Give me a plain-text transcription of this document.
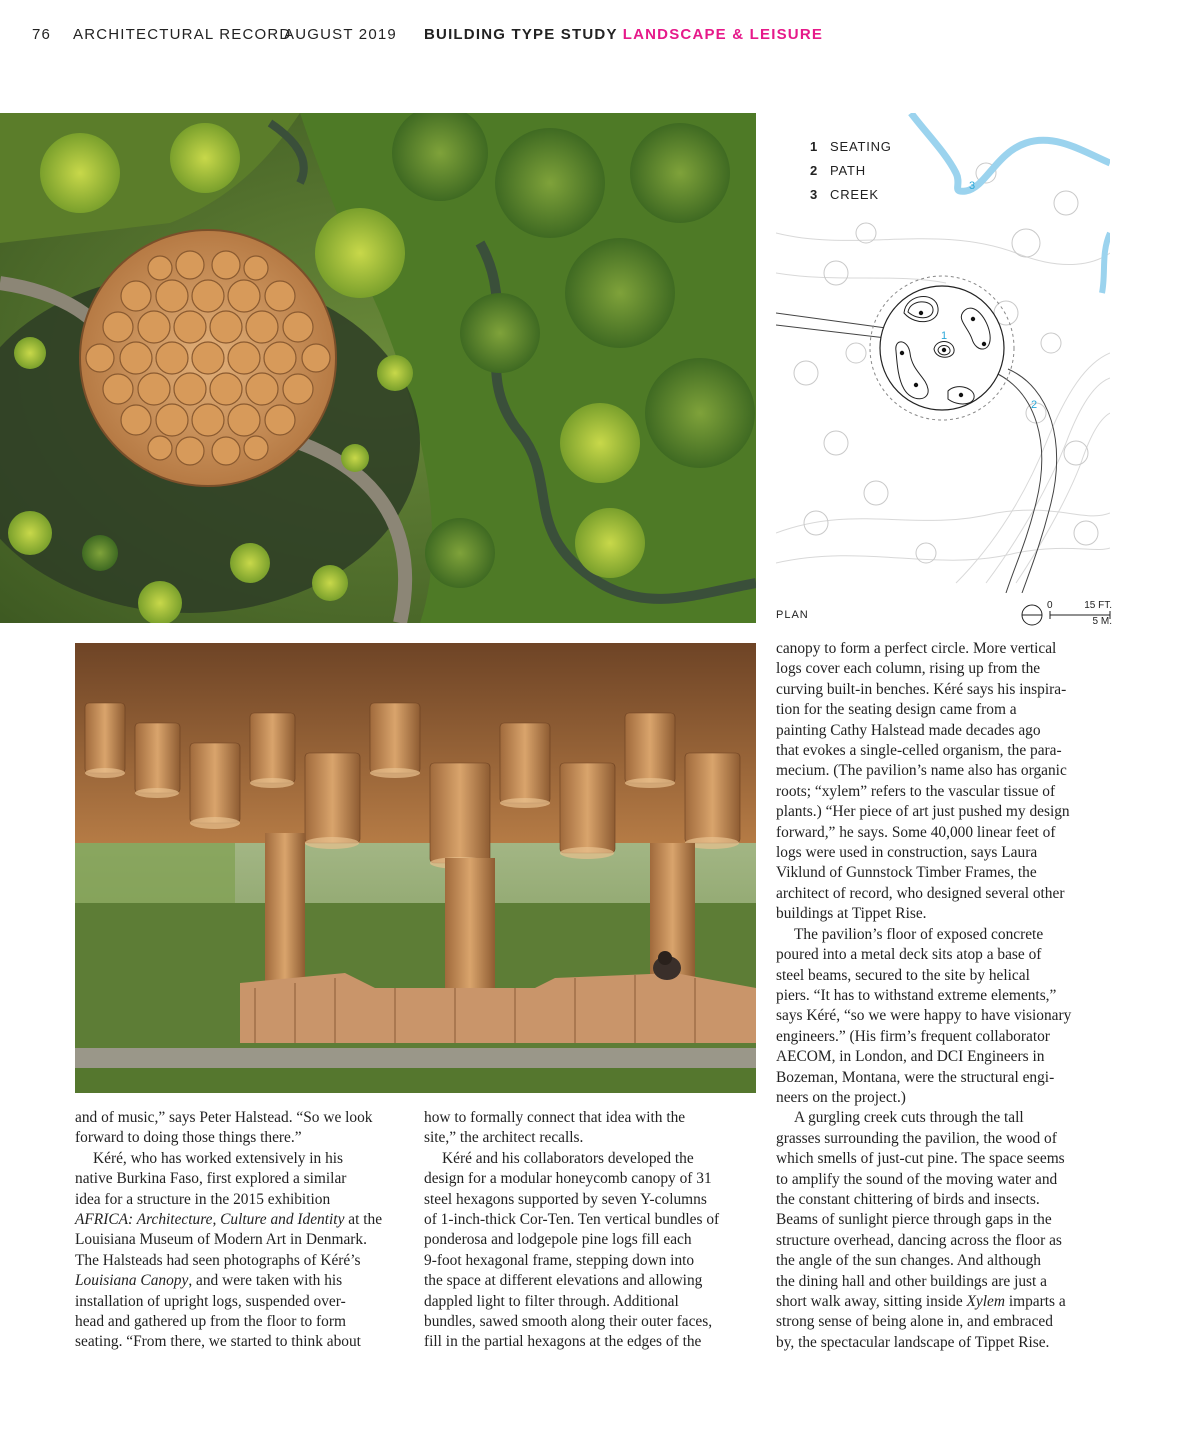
76 ARCHITECTURAL RECORD
AUGUST 2019 BUILDING TYPE STUDY LANDSCAPE & LEISURE
1
2
3
1 SEATING
2 PATH
3 CREEK
PLAN
0	15 FT.
5 M.
and of music,” says Peter Halstead. “So we look
forward to doing those things there.”
Kéré, who has worked extensively in his
native Burkina Faso, first explored a similar
idea for a structure in the 2015 exhibition
AFRICA: Architecture, Culture and Identity at the
Louisiana Museum of Modern Art in Denmark.
The Halsteads had seen photographs of Kéré’s
Louisiana Canopy, and were taken with his
installation of upright logs, suspended over-
head and gathered up from the floor to form
seating. “From there, we started to think about
how to formally connect that idea with the
site,” the architect recalls.
Kéré and his collaborators developed the
design for a modular honeycomb canopy of 31
steel hexagons supported by seven Y-columns
of 1-inch-thick Cor-Ten. Ten vertical bundles of
ponderosa and lodgepole pine logs fill each
9-foot hexagonal frame, stepping down into
the space at different elevations and allowing
dappled light to filter through. Additional
bundles, sawed smooth along their outer faces,
fill in the partial hexagons at the edges of the
canopy to form a perfect circle. More vertical
logs cover each column, rising up from the
curving built-in benches. Kéré says his inspira-
tion for the seating design came from a
painting Cathy Halstead made decades ago
that evokes a single-celled organism, the para-
mecium. (The pavilion’s name also has organic
roots; “xylem” refers to the vascular tissue of
plants.) “Her piece of art just pushed my design
forward,” he says. Some 40,000 linear feet of
logs were used in construction, says Laura
Viklund of Gunnstock Timber Frames, the
architect of record, who designed several other
buildings at Tippet Rise.
The pavilion’s floor of exposed concrete
poured into a metal deck sits atop a base of
steel beams, secured to the site by helical
piers. “It has to withstand extreme elements,”
says Kéré, “so we were happy to have visionary
engineers.” (His firm’s frequent collaborator
AECOM, in London, and DCI Engineers in
Bozeman, Montana, were the structural engi-
neers on the project.)
A gurgling creek cuts through the tall
grasses surrounding the pavilion, the wood of
which smells of just-cut pine. The space seems
to amplify the sound of the moving water and
the constant chittering of birds and insects.
Beams of sunlight pierce through gaps in the
structure overhead, dancing across the floor as
the angle of the sun changes. And although
the dining hall and other buildings are just a
short walk away, sitting inside Xylem imparts a
strong sense of being alone in, and embraced
by, the spectacular landscape of Tippet Rise.
